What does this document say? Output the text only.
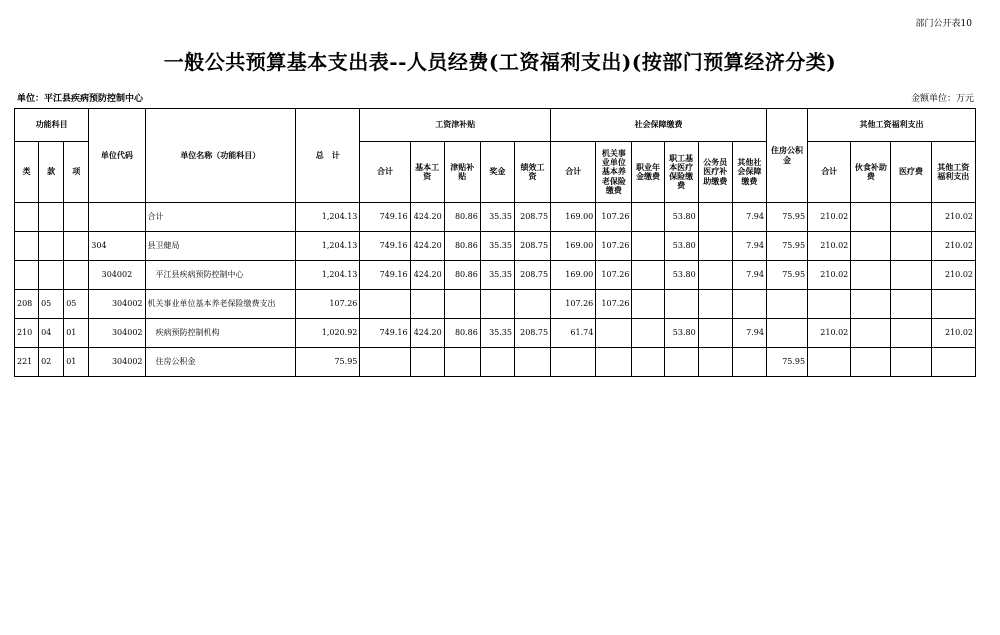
部门公开表10
一般公共预算基本支出表--人员经费(工资福利支出)(按部门预算经济分类)
单位：平江县疾病预防控制中心	金额单位：万元
功能科目			单位代码	单位名称（功能科目）	总　计	工资津补贴					社会保障缴费						住房公积金	其他工资福利支出			
类	款	项				合计	基本工资	津贴补贴	奖金	绩效工资	合计	机关事业单位基本养老保险缴费	职业年金缴费	职工基本医疗保险缴费	公务员医疗补助缴费	其他社会保障缴费		合计	伙食补助费	医疗费	其他工资福利支出
				合计	1,204.13	749.16	424.20	80.86	35.35	208.75	169.00	107.26		53.80		7.94	75.95	210.02			210.02
			304	县卫健局	1,204.13	749.16	424.20	80.86	35.35	208.75	169.00	107.26		53.80		7.94	75.95	210.02			210.02
			304002	平江县疾病预防控制中心	1,204.13	749.16	424.20	80.86	35.35	208.75	169.00	107.26		53.80		7.94	75.95	210.02			210.02
208	05	05	304002	机关事业单位基本养老保险缴费支出	107.26						107.26	107.26									
210	04	01	304002	疾病预防控制机构	1,020.92	749.16	424.20	80.86	35.35	208.75	61.74			53.80		7.94		210.02			210.02
221	02	01	304002	住房公积金	75.95												75.95				
